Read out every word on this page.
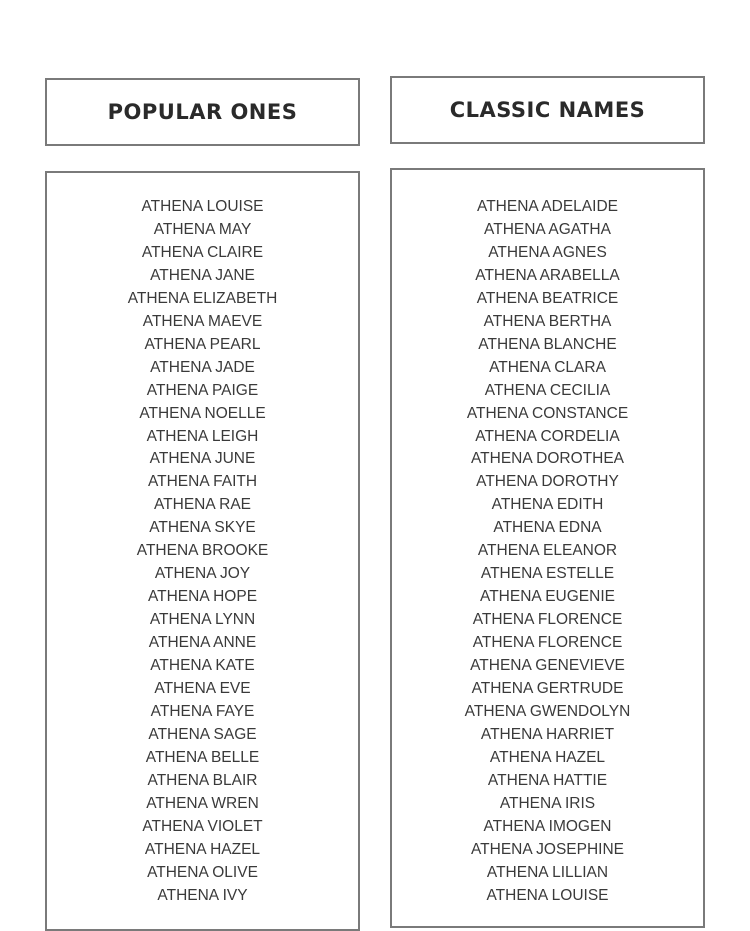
POPULAR ONES	CLASSIC NAMES
ATHENA LOUISE
ATHENA MAY
ATHENA CLAIRE
ATHENA JANE
ATHENA ELIZABETH
ATHENA MAEVE
ATHENA PEARL
ATHENA JADE
ATHENA PAIGE
ATHENA NOELLE
ATHENA LEIGH
ATHENA JUNE
ATHENA FAITH
ATHENA RAE
ATHENA SKYE
ATHENA BROOKE
ATHENA JOY
ATHENA HOPE
ATHENA LYNN
ATHENA ANNE
ATHENA KATE
ATHENA EVE
ATHENA FAYE
ATHENA SAGE
ATHENA BELLE
ATHENA BLAIR
ATHENA WREN
ATHENA VIOLET
ATHENA HAZEL
ATHENA OLIVE
ATHENA IVY
ATHENA ADELAIDE
ATHENA AGATHA
ATHENA AGNES
ATHENA ARABELLA
ATHENA BEATRICE
ATHENA BERTHA
ATHENA BLANCHE
ATHENA CLARA
ATHENA CECILIA
ATHENA CONSTANCE
ATHENA CORDELIA
ATHENA DOROTHEA
ATHENA DOROTHY
ATHENA EDITH
ATHENA EDNA
ATHENA ELEANOR
ATHENA ESTELLE
ATHENA EUGENIE
ATHENA FLORENCE
ATHENA FLORENCE
ATHENA GENEVIEVE
ATHENA GERTRUDE
ATHENA GWENDOLYN
ATHENA HARRIET
ATHENA HAZEL
ATHENA HATTIE
ATHENA IRIS
ATHENA IMOGEN
ATHENA JOSEPHINE
ATHENA LILLIAN
ATHENA LOUISE
